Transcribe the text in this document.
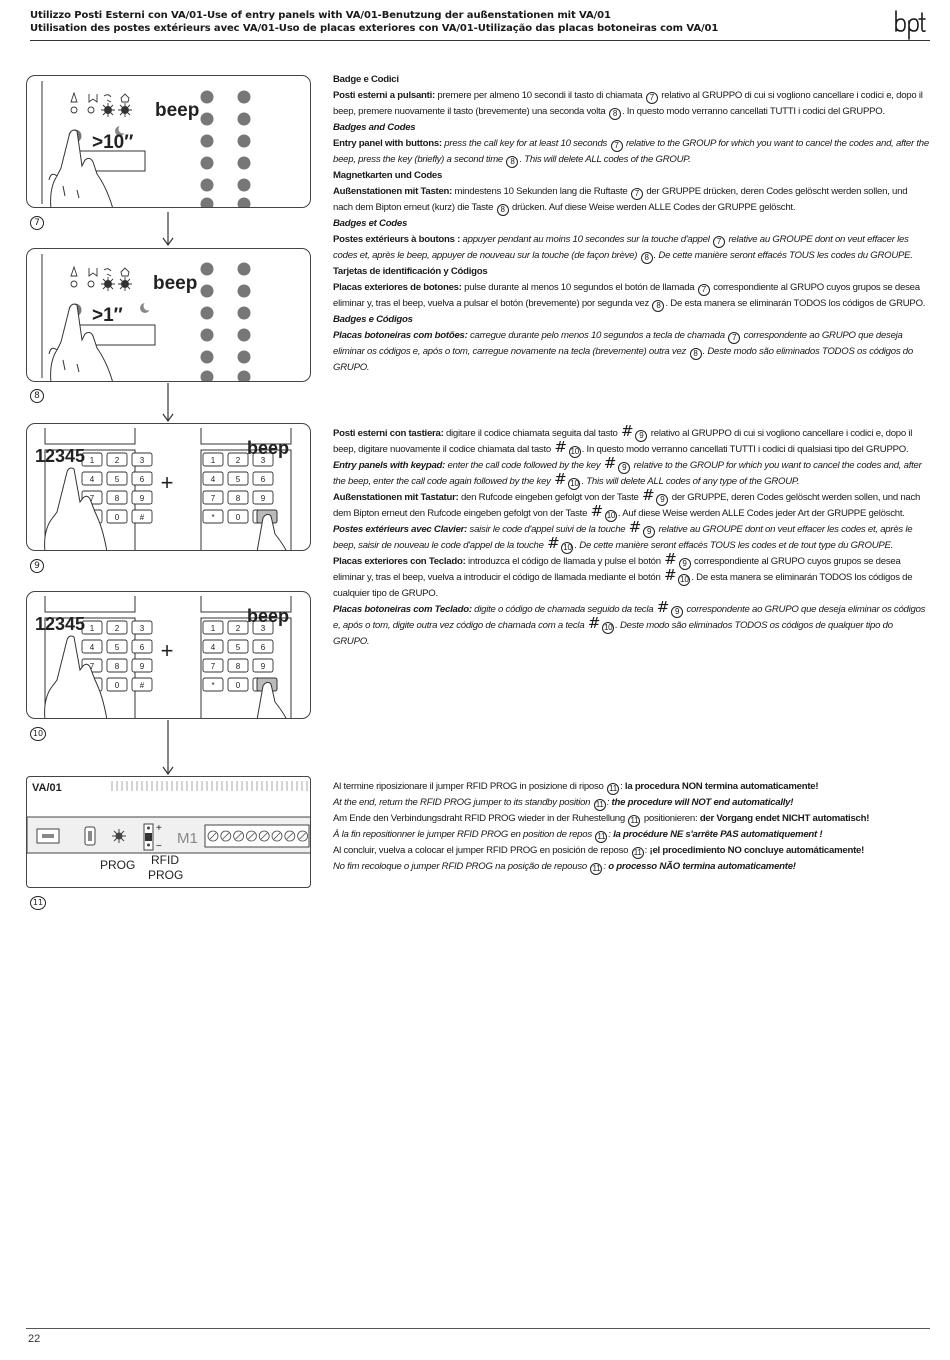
Utilizzo Posti Esterni con VA/01-Use of entry panels with VA/01-Benutzung der außenstationen mit VA/01
Utilisation des postes extérieurs avec VA/01-Uso de placas exteriores con VA/01-Utilização das placas botoneiras com VA/01
>10″
beep
7
>1″
beep
8
1	2	3
4	5	6
7	8	9
0	#
1	2	3
4	5	6
7	8	9
*	0
12345
+
beep
9
1	2	3
4	5	6
7	8	9
0	#
1	2	3
4	5	6
7	8	9
*	0
12345
+
beep
10
VA/01
+
− M1
PROG RFID
PROG
11

Badge e Codici

Posti esterni a pulsanti: premere per almeno 10 secondi il tasto di chiamata 7 relativo al GRUPPO di cui si vogliono cancellare i codici e, dopo il beep, premere nuovamente il tasto (brevemente) una seconda volta 8 . In questo modo verranno cancellati TUTTI i codici del GRUPPO.

Badges and Codes

Entry panel with buttons: press the call key for at least 10 seconds 7 relative to the GROUP for which you want to cancel the codes and, after the beep, press the key (briefly) a second time 8 . This will delete ALL codes of the GROUP.

Magnetkarten und Codes

Außenstationen mit Tasten: mindestens 10 Sekunden lang die Ruftaste 7 der GRUPPE drücken, deren Codes gelöscht werden sollen, und nach dem Bipton erneut (kurz) die Taste 8 drücken. Auf diese Weise werden ALLE Codes der GRUPPE gelöscht.

Badges et Codes

Postes extérieurs à boutons : appuyer pendant au moins 10 secondes sur la touche d'appel 7 relative au GROUPE dont on veut effacer les codes et, après le beep, appuyer de nouveau sur la touche (de façon brève) 8 . De cette manière seront effacés TOUS les codes du GROUPE.

Tarjetas de identificación y Códigos

Placas exteriores de botones: pulse durante al menos 10 segundos el botón de llamada 7 correspondiente al GRUPO cuyos grupos se desea eliminar y, tras el beep, vuelva a pulsar el botón (brevemente) por segunda vez 8 . De esta manera se eliminarán TODOS los códigos de GRUPO.

Badges e Códigos

Placas botoneiras com botões: carregue durante pelo menos 10 segundos a tecla de chamada 7 correspondente ao GRUPO que deseja eliminar os códigos e, após o tom, carregue novamente na tecla (brevemente) outra vez 8 . Deste modo são eliminados TODOS os códigos do GRUPO.

Posti esterni con tastiera: digitare il codice chiamata seguita dal tasto # 9 relativo al GRUPPO di cui si vogliono cancellare i codici e, dopo il beep, digitare nuovamente il codice chiamata dal tasto # 10 . In questo modo verranno cancellati TUTTI i codici di qualsiasi tipo del GRUPPO.

Entry panels with keypad: enter the call code followed by the key # 9 relative to the GROUP for which you want to cancel the codes and, after the beep, enter the call code again followed by the key # 10 . This will delete ALL codes of any type of the GROUP.

Außenstationen mit Tastatur: den Rufcode eingeben gefolgt von der Taste # 9 der GRUPPE, deren Codes gelöscht werden sollen, und nach dem Bipton erneut den Rufcode eingeben gefolgt von der Taste # 10 . Auf diese Weise werden ALLE Codes jeder Art der GRUPPE gelöscht.

Postes extérieurs avec Clavier: saisir le code d'appel suivi de la touche # 9 relative au GROUPE dont on veut effacer les codes et, après le beep, saisir de nouveau le code d'appel de la touche # 10 . De cette manière seront effacés TOUS les codes et de tout type du GROUPE.

Placas exteriores con Teclado: introduzca el código de llamada y pulse el botón # 9 correspondiente al GRUPO cuyos grupos se desea eliminar y, tras el beep, vuelva a introducir el código de llamada mediante el botón # 10 . De esta manera se eliminarán TODOS los códigos de cualquier tipo de GRUPO.

Placas botoneiras com Teclado: digite o código de chamada seguido da tecla # 9 correspondente ao GRUPO que deseja eliminar os códigos e, após o tom, digite outra vez código de chamada com a tecla # 10 . Deste modo são eliminados TODOS os códigos de qualquer tipo do GRUPO.

Al termine riposizionare il jumper RFID PROG in posizione di riposo 11 : la procedura NON termina automaticamente!

At the end, return the RFID PROG jumper to its standby position 11 : the procedure will NOT end automatically!

Am Ende den Verbindungsdraht RFID PROG wieder in der Ruhestellung 11 positionieren: der Vorgang endet NICHT automatisch!

À la fin repositionner le jumper RFID PROG en position de repos 11 : la procédure NE s'arrête PAS automatiquement !

Al concluir, vuelva a colocar el jumper RFID PROG en posición de reposo 11 : ¡el procedimiento NO concluye automáticamente!

No fim recoloque o jumper RFID PROG na posição de repouso 11 : o processo NÃO termina automaticamente!

22
